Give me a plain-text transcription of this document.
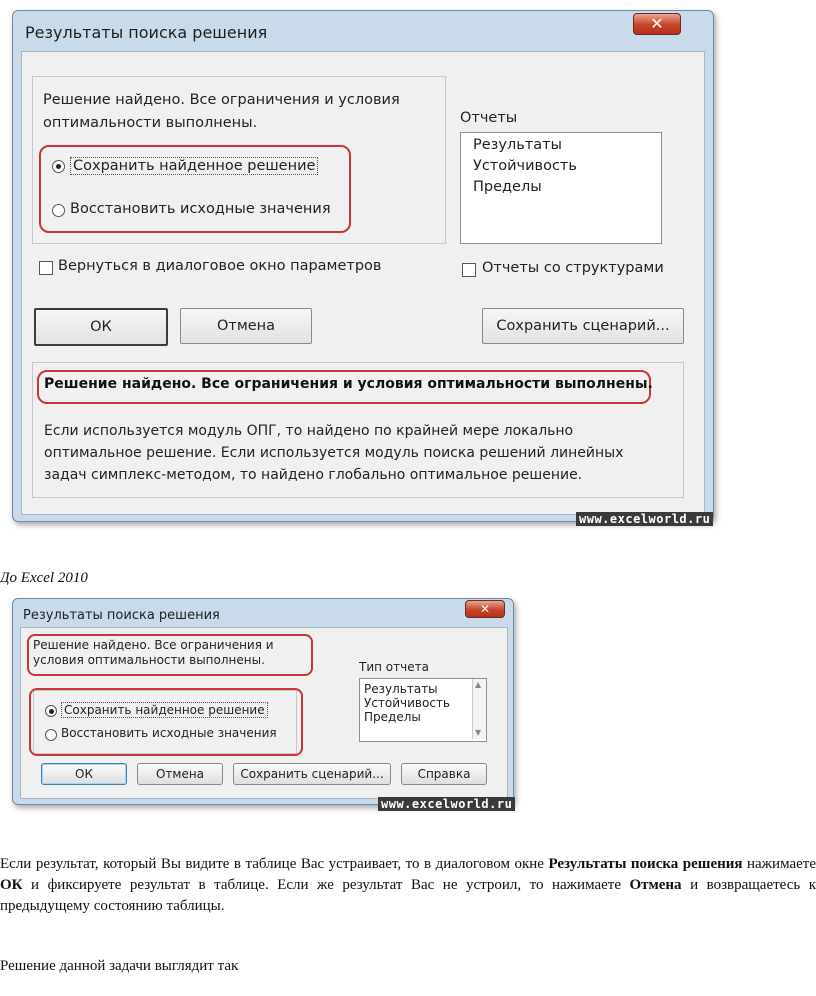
Результаты поиска решения	✕
Решение найдено. Все ограничения и условия оптимальности выполнены.
Сохранить найденное решение
Восстановить исходные значения
Вернуться в диалоговое окно параметров
Отчеты
Результаты
Устойчивость
Пределы
Отчеты со структурами
ОК	Отмена	Сохранить сценарий...
Решение найдено. Все ограничения и условия оптимальности выполнены.
Если используется модуль ОПГ, то найдено по крайней мере локально оптимальное решение. Если используется модуль поиска решений линейных задач симплекс-методом, то найдено глобально оптимальное решение.
www.excelworld.ru
До Excel 2010
Результаты поиска решения	✕
Решение найдено. Все ограничения и условия оптимальности выполнены.	Тип отчета
Результаты
Устойчивость
Пределы
▲
▼
Сохранить найденное решение
Восстановить исходные значения
ОК	Отмена	Сохранить сценарий...	Справка
www.excelworld.ru
Если результат, который Вы видите в таблице Вас устраивает, то в диалоговом окне Результаты поиска решения нажимаете ОК и фиксируете результат в таблице. Если же результат Вас не устроил, то нажимаете Отмена и возвращаетесь к предыдущему состоянию таблицы.
Решение данной задачи выглядит так
